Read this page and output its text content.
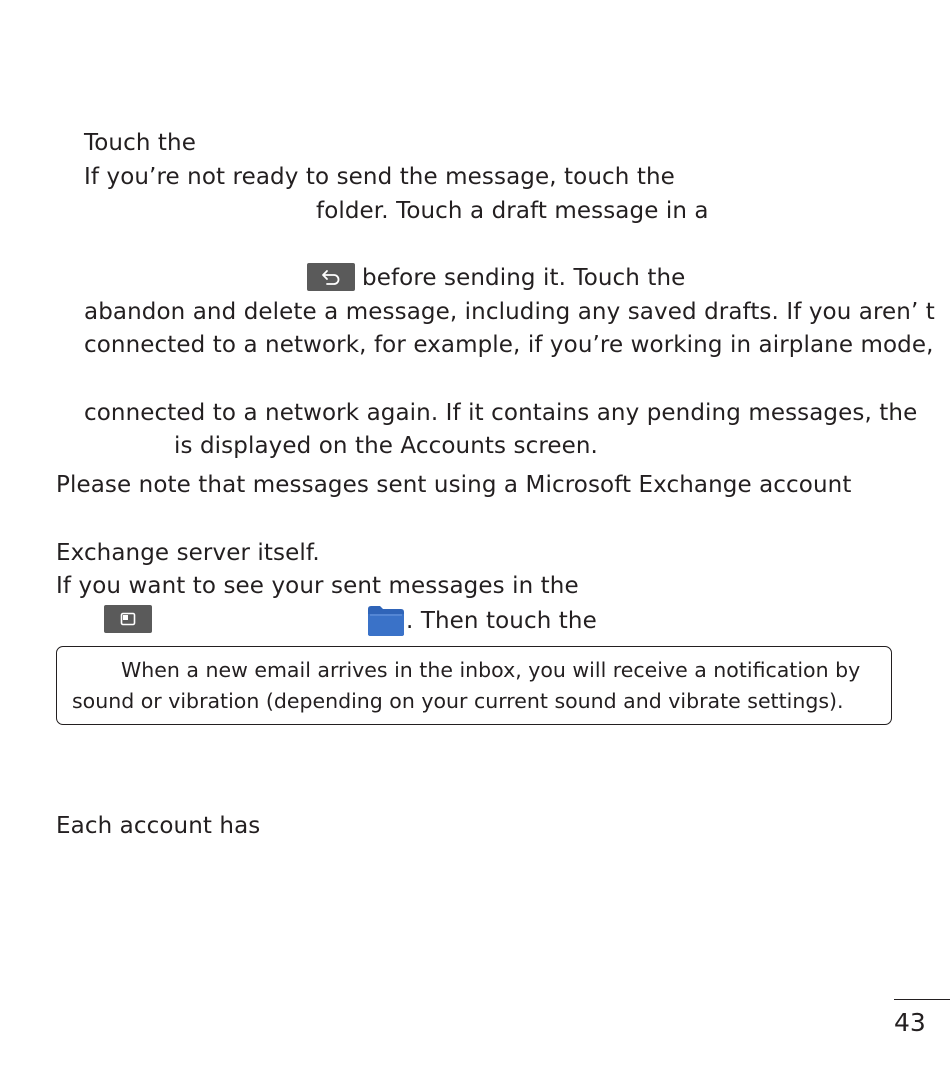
Touch the
If you’re not ready to send the message, touch the
folder. Touch a draft message in a
before sending it. Touch the
abandon and delete a message, including any saved drafts. If you aren’ t
connected to a network, for example, if you’re working in airplane mode,
connected to a network again. If it contains any pending messages, the
is displayed on the Accounts screen.
Please note that messages sent using a Microsoft Exchange account
Exchange server itself.
If you want to see your sent messages in the
. Then touch the
When a new email arrives in the inbox, you will receive a notification by
sound or vibration (depending on your current sound and vibrate settings).
Each account has
43
